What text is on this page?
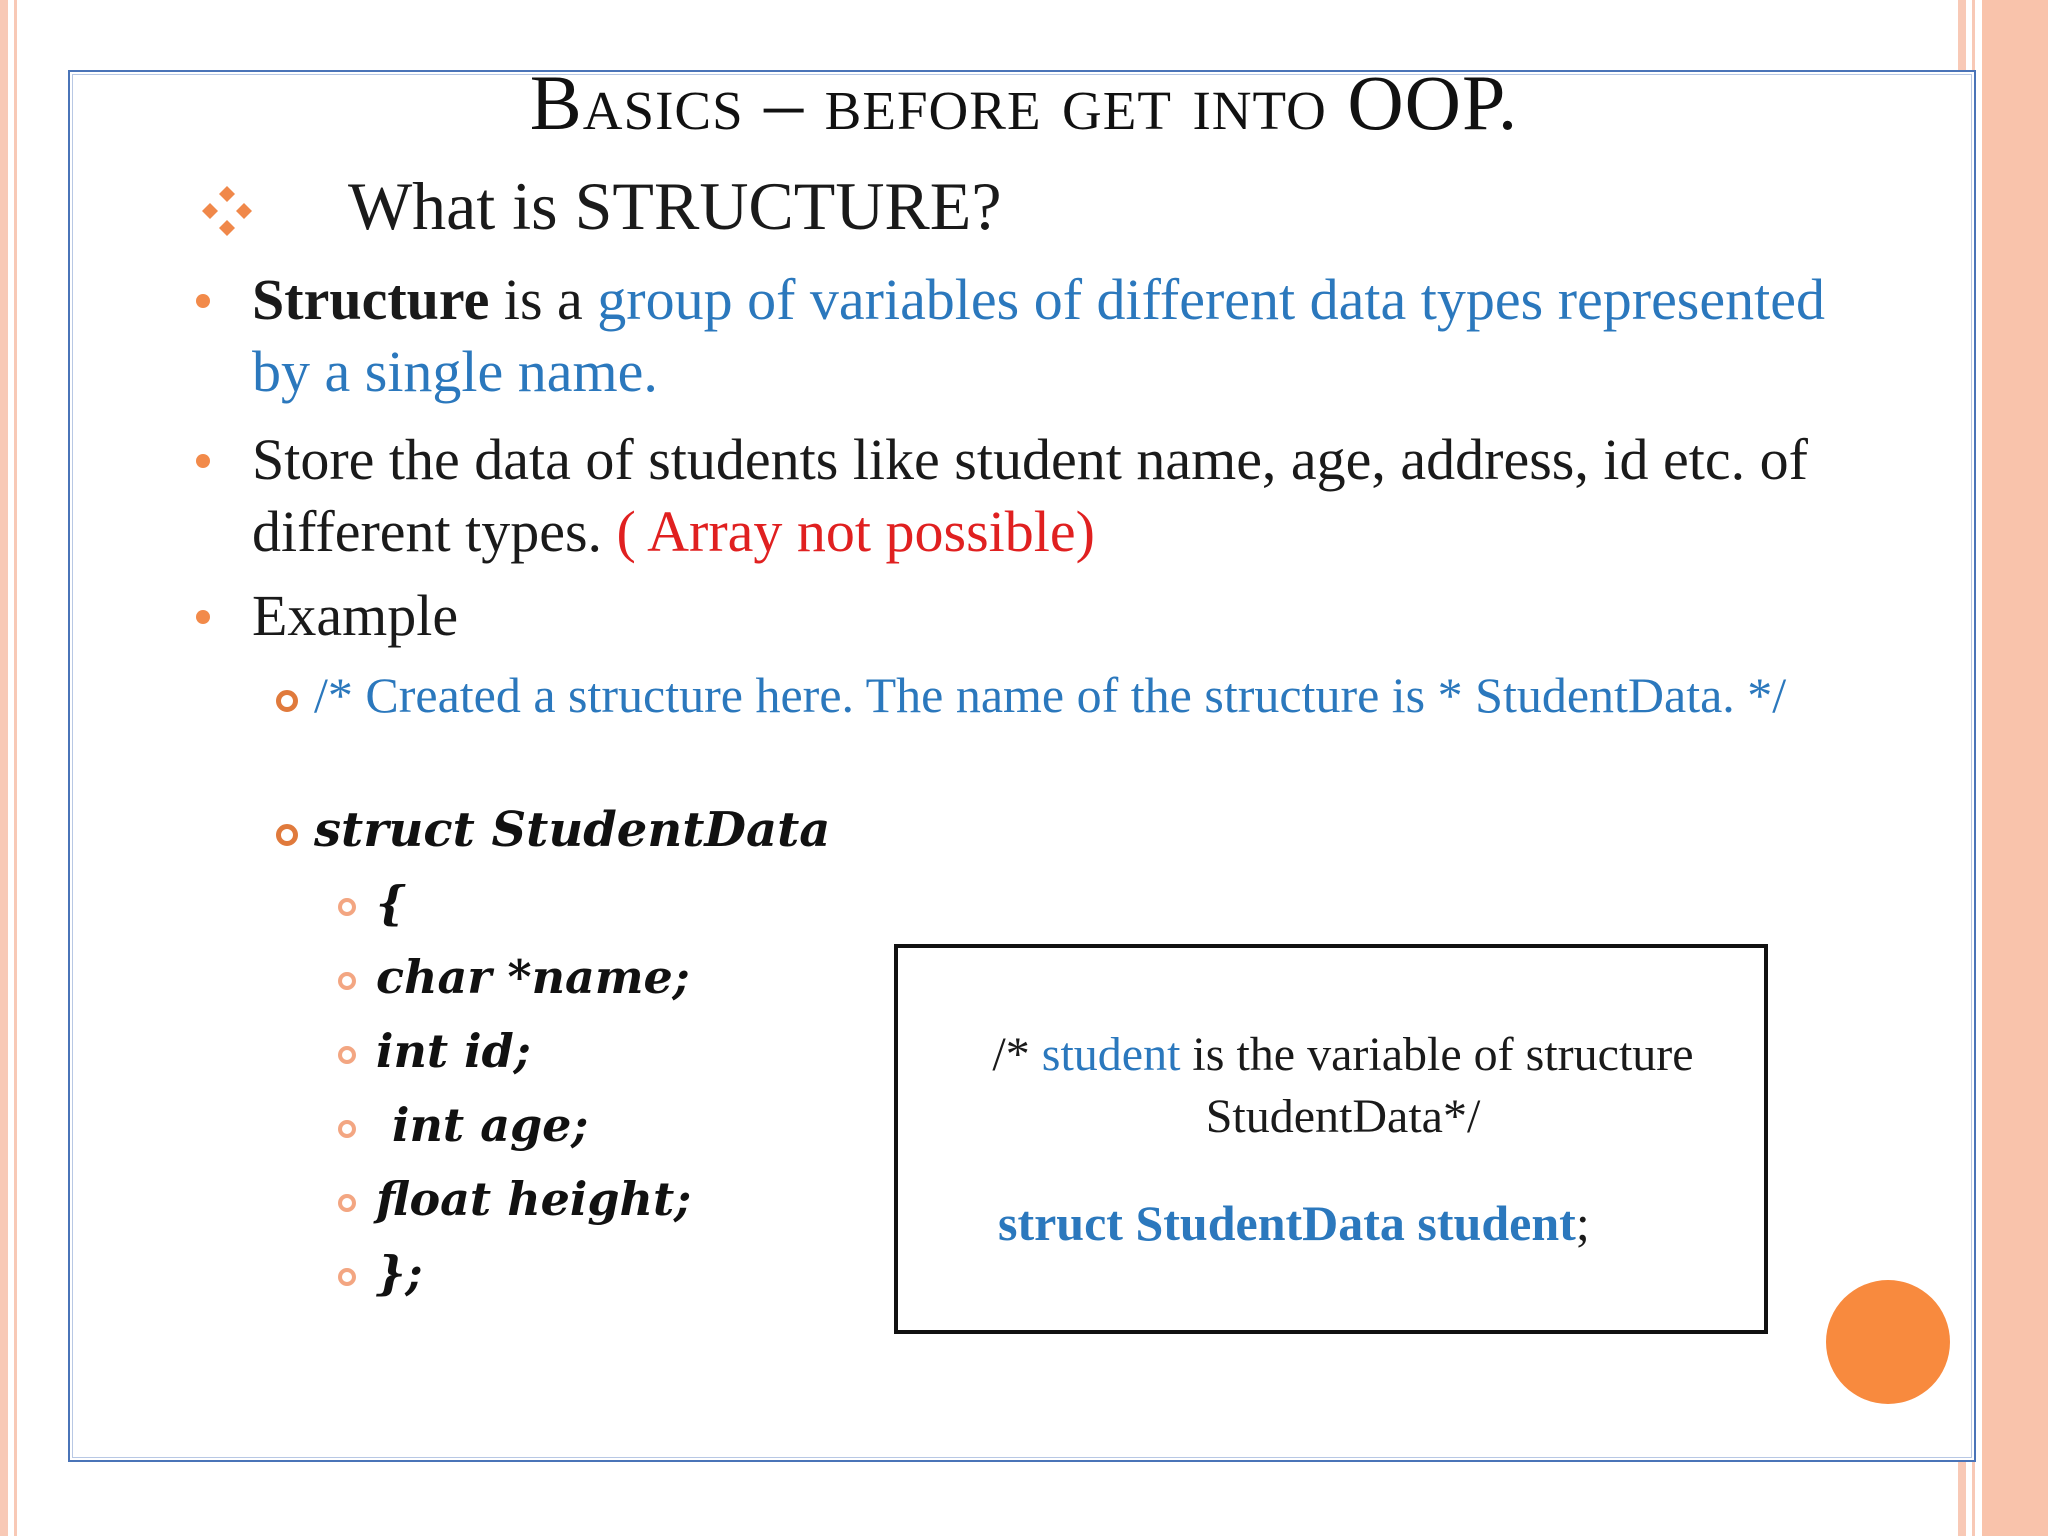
Basics – before get into OOP.
What is STRUCTURE?
Structure is a group of variables of different data types represented by a single name.
Store the data of students like student name, age, address, id etc. of different types. ( Array not possible)
Example
/* Created a structure here. The name of the structure is * StudentData. */
struct StudentData
{
char *name;
int id;
int age;
float height;
};
/* student is the variable of structure StudentData*/
struct StudentData student;
